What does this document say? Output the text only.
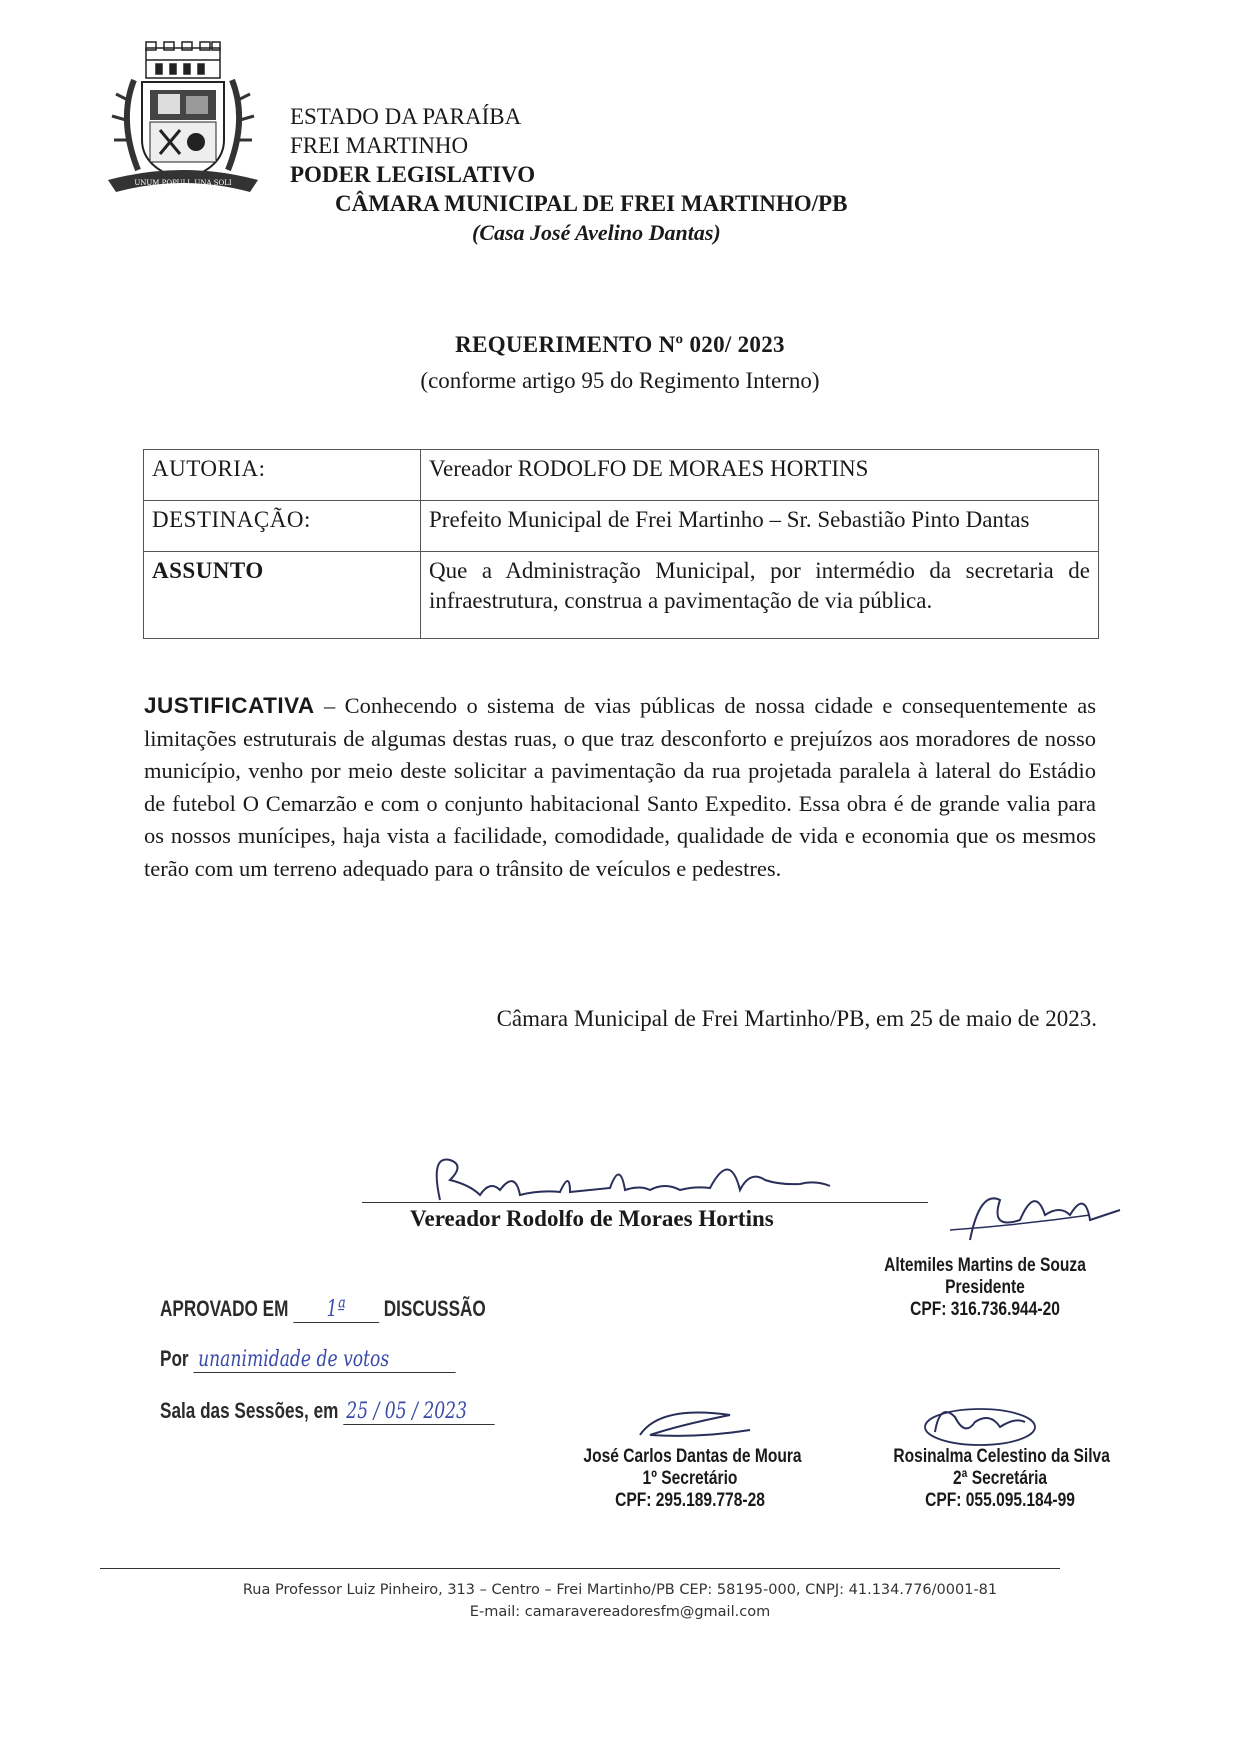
UNUM POPULI, UNA SOLI
ESTADO DA PARAÍBA
FREI MARTINHO
PODER LEGISLATIVO
CÂMARA MUNICIPAL DE FREI MARTINHO/PB
(Casa José Avelino Dantas)
REQUERIMENTO Nº 020/ 2023
(conforme artigo 95 do Regimento Interno)
AUTORIA:	Vereador RODOLFO DE MORAES HORTINS
DESTINAÇÃO:	Prefeito Municipal de Frei Martinho – Sr. Sebastião Pinto Dantas
ASSUNTO	Que a Administração Municipal, por intermédio da secretaria de infraestrutura, construa a pavimentação de via pública.
JUSTIFICATIVA – Conhecendo o sistema de vias públicas de nossa cidade e consequentemente as limitações estruturais de algumas destas ruas, o que traz desconforto e prejuízos aos moradores de nosso município, venho por meio deste solicitar a pavimentação da rua projetada paralela à lateral do Estádio de futebol O Cemarzão e com o conjunto habitacional Santo Expedito. Essa obra é de grande valia para os nossos munícipes, haja vista a facilidade, comodidade, qualidade de vida e economia que os mesmos terão com um terreno adequado para o trânsito de veículos e pedestres.
Câmara Municipal de Frei Martinho/PB, em 25 de maio de 2023.
Vereador Rodolfo de Moraes Hortins
Altemiles Martins de Souza
Presidente
CPF: 316.736.944-20
APROVADO EM 1ª DISCUSSÃO
Por unanimidade de votos
Sala das Sessões, em 25 / 05 / 2023
José Carlos Dantas de Moura
1º Secretário
CPF: 295.189.778-28
Rosinalma Celestino da Silva
2ª Secretária
CPF: 055.095.184-99
Rua Professor Luiz Pinheiro, 313 – Centro – Frei Martinho/PB CEP: 58195-000, CNPJ: 41.134.776/0001-81
E-mail: camaravereadoresfm@gmail.com
